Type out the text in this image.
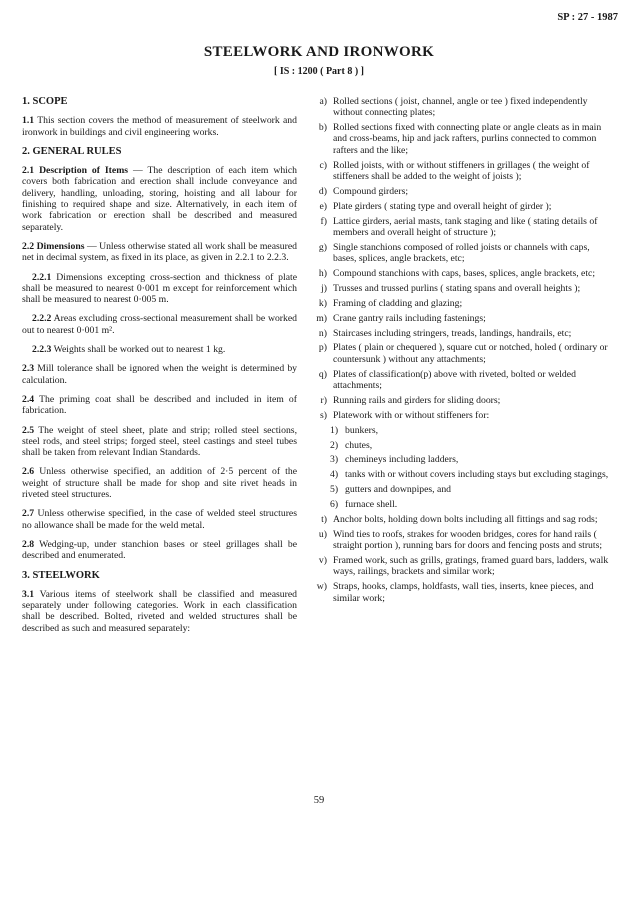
SP : 27 - 1987
STEELWORK AND IRONWORK
[ IS : 1200 ( Part 8 ) ]
1. SCOPE
1.1 This section covers the method of measurement of steelwork and ironwork in buildings and civil engineering works.
2. GENERAL RULES
2.1 Description of Items — The description of each item which covers both fabrication and erection shall include conveyance and delivery, handling, unloading, storing, hoisting and all labour for finishing to required shape and size. Alternatively, in each item of work fabrication or erection shall be described and measured separately.
2.2 Dimensions — Unless otherwise stated all work shall be measured net in decimal system, as fixed in its place, as given in 2.2.1 to 2.2.3.
2.2.1 Dimensions excepting cross-section and thickness of plate shall be measured to nearest 0·001 m except for reinforcement which shall be measured to nearest 0·005 m.
2.2.2 Areas excluding cross-sectional measurement shall be worked out to nearest 0·001 m².
2.2.3 Weights shall be worked out to nearest 1 kg.
2.3 Mill tolerance shall be ignored when the weight is determined by calculation.
2.4 The priming coat shall be described and included in item of fabrication.
2.5 The weight of steel sheet, plate and strip; rolled steel sections, steel rods, and steel strips; forged steel, steel castings and steel tubes shall be taken from relevant Indian Standards.
2.6 Unless otherwise specified, an addition of 2·5 percent of the weight of structure shall be made for shop and site rivet heads in riveted steel structures.
2.7 Unless otherwise specified, in the case of welded steel structures no allowance shall be made for the weld metal.
2.8 Wedging-up, under stanchion bases or steel grillages shall be described and enumerated.
3. STEELWORK
3.1 Various items of steelwork shall be classified and measured separately under following categories. Work in each classification shall be described. Bolted, riveted and welded structures shall be described as such and measured separately:
a) Rolled sections ( joist, channel, angle or tee ) fixed independently without connecting plates;
b) Rolled sections fixed with connecting plate or angle cleats as in main and cross-beams, hip and jack rafters, purlins connected to common rafters and the like;
c) Rolled joists, with or without stiffeners in grillages ( the weight of stiffeners shall be added to the weight of joists );
d) Compound girders;
e) Plate girders ( stating type and overall height of girder );
f) Lattice girders, aerial masts, tank staging and like ( stating details of members and overall height of structure );
g) Single stanchions composed of rolled joists or channels with caps, bases, splices, angle brackets, etc;
h) Compound stanchions with caps, bases, splices, angle brackets, etc;
j) Trusses and trussed purlins ( stating spans and overall heights );
k) Framing of cladding and glazing;
m) Crane gantry rails including fastenings;
n) Staircases including stringers, treads, landings, handrails, etc;
p) Plates ( plain or chequered ), square cut or notched, holed ( ordinary or countersunk ) without any attachments;
q) Plates of classification(p) above with riveted, bolted or welded attachments;
r) Running rails and girders for sliding doors;
s) Platework with or without stiffeners for:
1) bunkers,
2) chutes,
3) chemineys including ladders,
4) tanks with or without covers including stays but excluding stagings,
5) gutters and downpipes, and
6) furnace shell.
t) Anchor bolts, holding down bolts including all fittings and sag rods;
u) Wind ties to roofs, strakes for wooden bridges, cores for hand rails ( straight portion ), running bars for doors and fencing posts and struts;
v) Framed work, such as grills, gratings, framed guard bars, ladders, walk ways, railings, brackets and similar work;
w) Straps, hooks, clamps, holdfasts, wall ties, inserts, knee pieces, and similar work;
59
